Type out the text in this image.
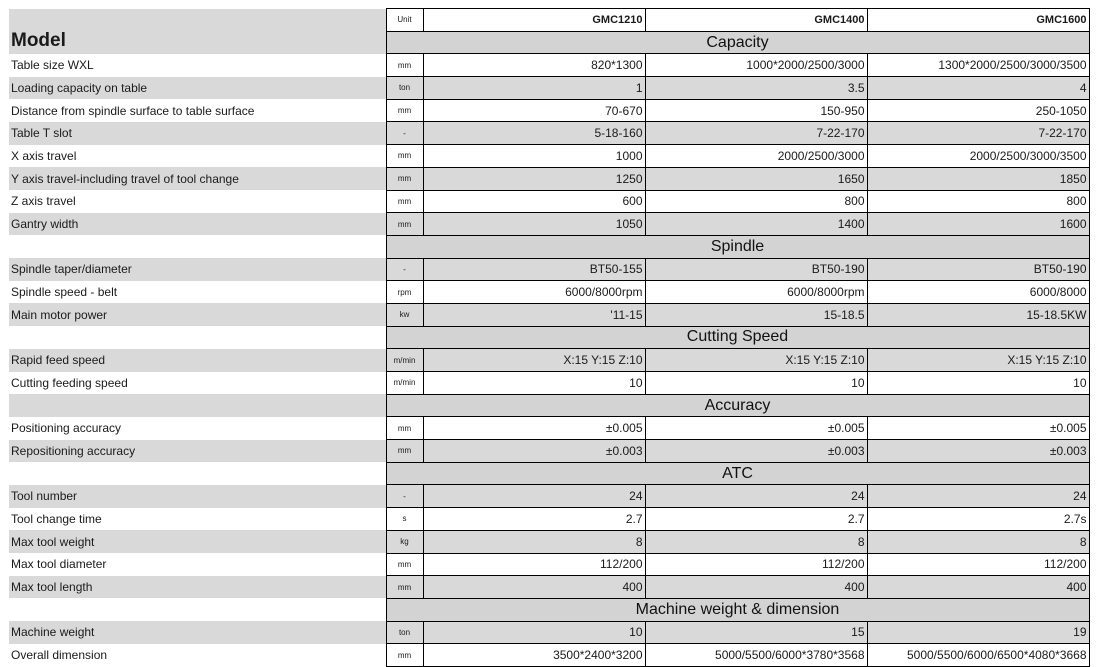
Model	Unit	GMC1210	GMC1400	GMC1600
	Capacity			
Table size WXL	mm	820*1300	1000*2000/2500/3000	1300*2000/2500/3000/3500
Loading capacity on table	ton	1	3.5	4
Distance from spindle surface to table surface	mm	70-670	150-950	250-1050
Table T slot	-	5-18-160	7-22-170	7-22-170
X axis travel	mm	1000	2000/2500/3000	2000/2500/3000/3500
Y axis travel-including travel of tool change	mm	1250	1650	1850
Z axis travel	mm	600	800	800
Gantry width	mm	1050	1400	1600
	Spindle			
Spindle taper/diameter	-	BT50-155	BT50-190	BT50-190
Spindle speed - belt	rpm	6000/8000rpm	6000/8000rpm	6000/8000
Main motor power	kw	'11-15	15-18.5	15-18.5KW
	Cutting Speed			
Rapid feed speed	m/min	X:15 Y:15 Z:10	X:15 Y:15 Z:10	X:15 Y:15 Z:10
Cutting feeding speed	m/min	10	10	10
	Accuracy			
Positioning accuracy	mm	±0.005	±0.005	±0.005
Repositioning accuracy	mm	±0.003	±0.003	±0.003
	ATC			
Tool number	-	24	24	24
Tool change time	s	2.7	2.7	2.7s
Max tool weight	kg	8	8	8
Max tool diameter	mm	112/200	112/200	112/200
Max tool length	mm	400	400	400
	Machine weight & dimension			
Machine weight	ton	10	15	19
Overall dimension	mm	3500*2400*3200	5000/5500/6000*3780*3568	5000/5500/6000/6500*4080*3668
